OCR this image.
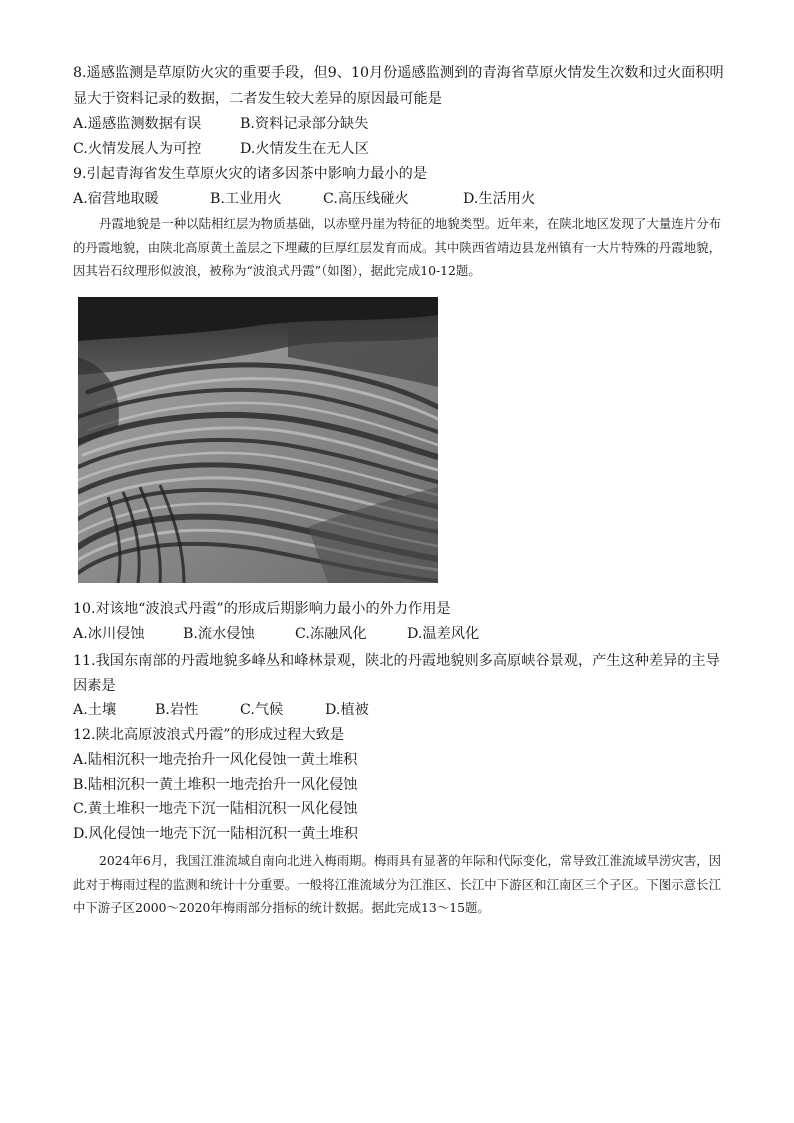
8.遥感监测是草原防火灾的重要手段，但9、10月份遥感监测到的青海省草原火情发生次数和过火面积明
显大于资料记录的数据，二者发生较大差异的原因最可能是
A.遥感监测数据有误	B.资料记录部分缺失
C.火情发展人为可控	D.火情发生在无人区
9.引起青海省发生草原火灾的诸多因茶中影响力最小的是
A.宿营地取暖	B.工业用火	C.高压线碰火	D.生活用火
丹霞地貌是一种以陆相红层为物质基础，以赤壁丹崖为特征的地貌类型。近年来，在陕北地区发现了大量连片分布的丹霞地貌，由陕北高原黄土盖层之下埋藏的巨厚红层发育而成。其中陕西省靖边县龙州镇有一大片特殊的丹霞地貌，因其岩石纹理形似波浪，被称为“波浪式丹霞”（如图），据此完成10-12题。
10.对该地“波浪式丹霞”的形成后期影响力最小的外力作用是
A.冰川侵蚀	B.流水侵蚀	C.冻融风化	D.温差风化
11.我国东南部的丹霞地貌多峰丛和峰林景观，陕北的丹霞地貌则多高原峡谷景观，产生这种差异的主导
因素是
A.土壤	B.岩性	C.气候	D.植被
12.陕北高原波浪式丹霞”的形成过程大致是
A.陆相沉积一地壳抬升一风化侵蚀一黄土堆积
B.陆相沉积一黄土堆积一地壳抬升一风化侵蚀
C.黄土堆积一地壳下沉一陆相沉积一风化侵蚀
D.风化侵蚀一地壳下沉一陆相沉积一黄土堆积
2024年6月，我国江淮流域自南向北进入梅雨期。梅雨具有显著的年际和代际变化，常导致江淮流域旱涝灾害，因此对于梅雨过程的监测和统计十分重要。一般将江淮流域分为江淮区、长江中下游区和江南区三个子区。下图示意长江中下游子区2000～2020年梅雨部分指标的统计数据。据此完成13～15题。
